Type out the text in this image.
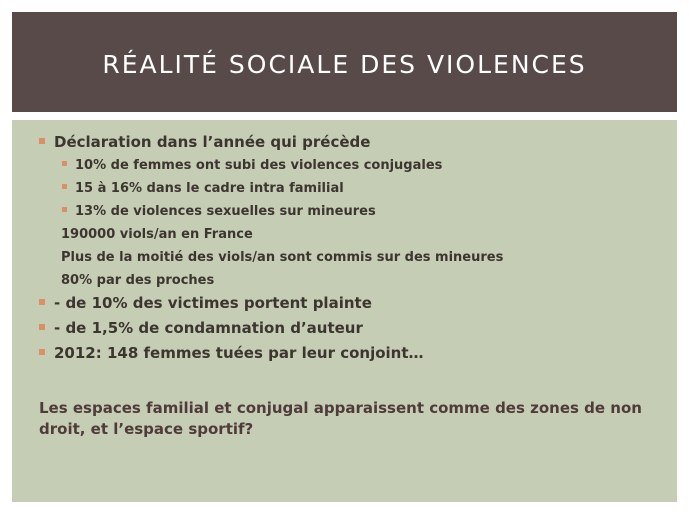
RÉALITÉ SOCIALE DES VIOLENCES
Déclaration dans l’année qui précède
10% de femmes ont subi des violences conjugales
15 à 16% dans le cadre intra familial
13% de violences sexuelles sur mineures
190000 viols/an en France
Plus de la moitié des viols/an sont commis sur des mineures
80% par des proches
- de 10% des victimes portent plainte
- de 1,5% de condamnation d’auteur
2012: 148 femmes tuées par leur conjoint…
Les espaces familial et conjugal apparaissent comme des zones de non droit, et l’espace sportif?
